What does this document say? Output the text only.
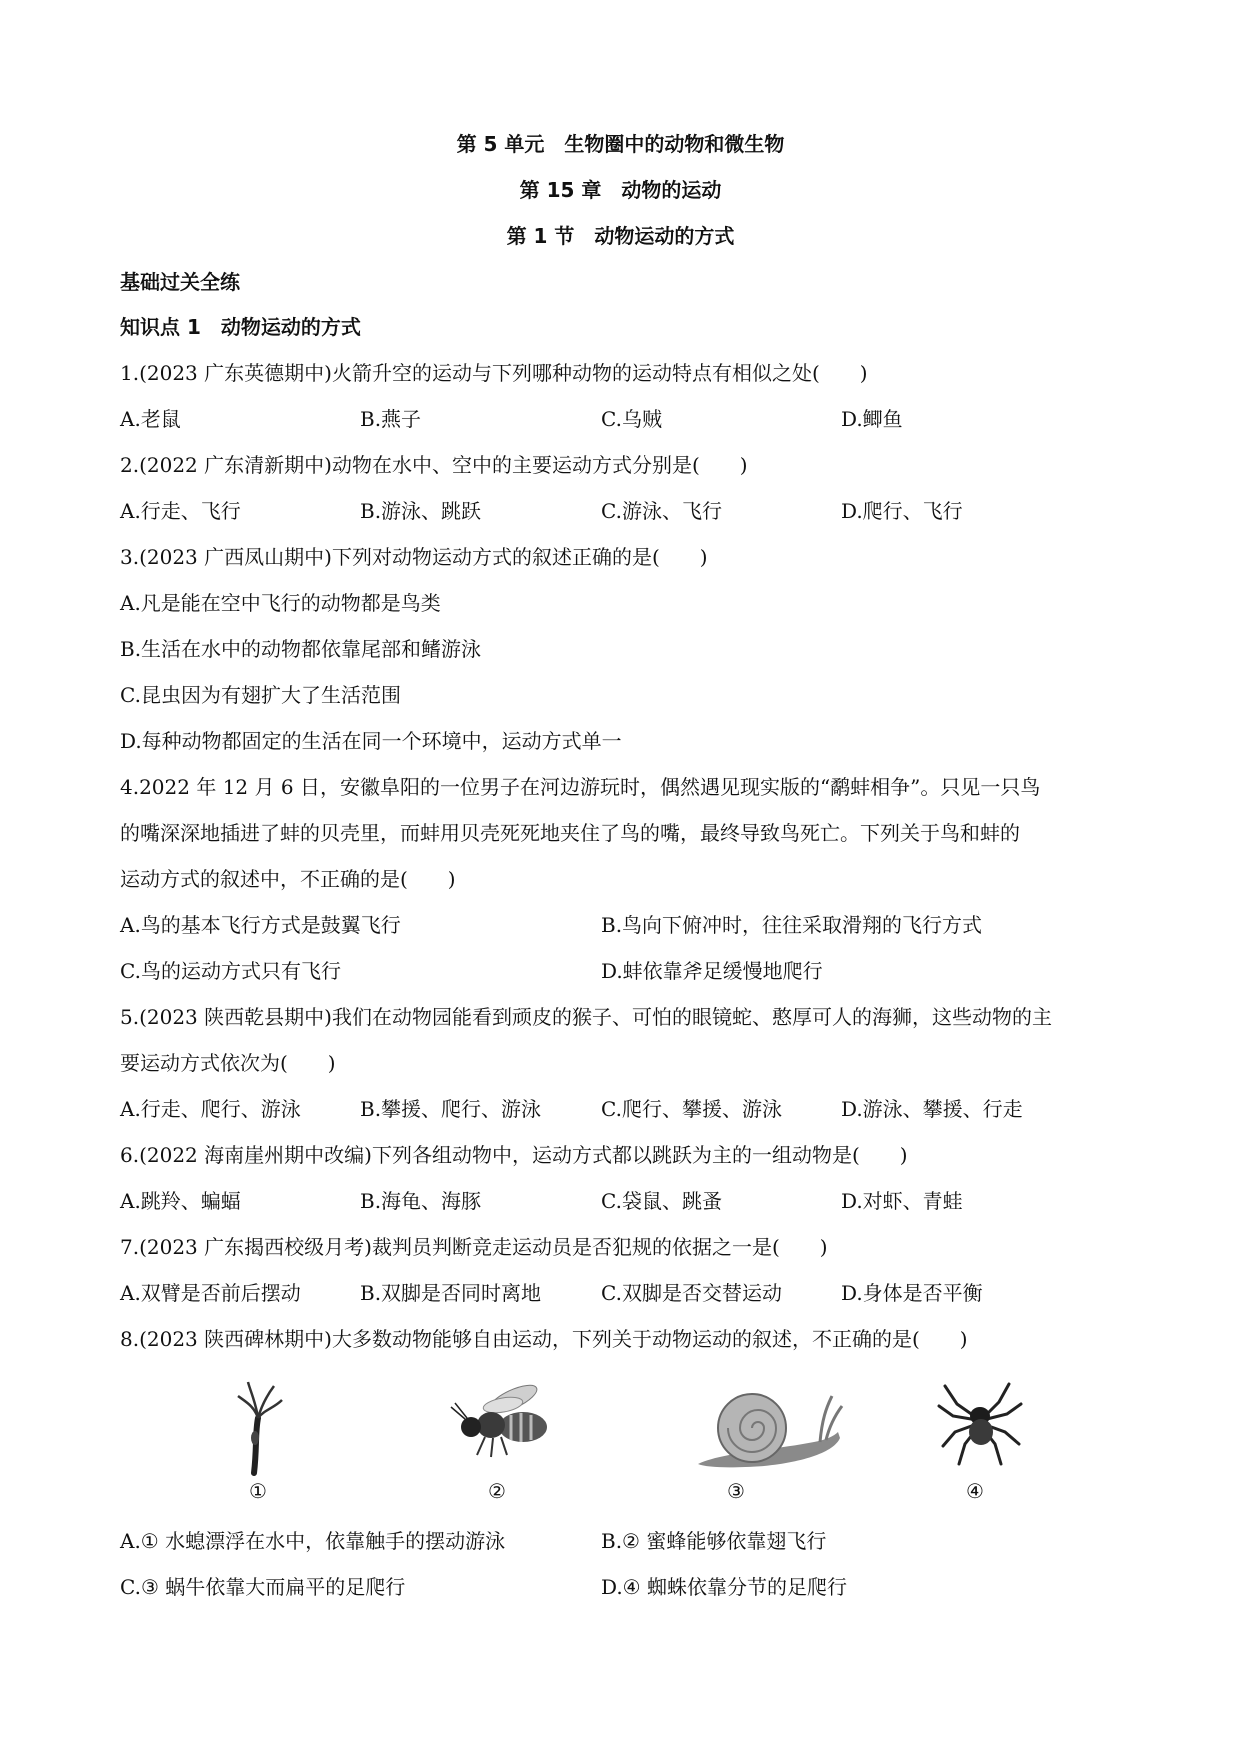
第 5 单元　生物圈中的动物和微生物
第 15 章　动物的运动
第 1 节　动物运动的方式
基础过关全练
知识点 1　动物运动的方式
1.(2023 广东英德期中)火箭升空的运动与下列哪种动物的运动特点有相似之处(　　)
A.老鼠	B.燕子	C.乌贼	D.鲫鱼
2.(2022 广东清新期中)动物在水中、空中的主要运动方式分别是(　　)
A.行走、飞行	B.游泳、跳跃	C.游泳、飞行	D.爬行、飞行
3.(2023 广西凤山期中)下列对动物运动方式的叙述正确的是(　　)
A.凡是能在空中飞行的动物都是鸟类
B.生活在水中的动物都依靠尾部和鳍游泳
C.昆虫因为有翅扩大了生活范围
D.每种动物都固定的生活在同一个环境中，运动方式单一
4.2022 年 12 月 6 日，安徽阜阳的一位男子在河边游玩时，偶然遇见现实版的“鹬蚌相争”。只见一只鸟
的嘴深深地插进了蚌的贝壳里，而蚌用贝壳死死地夹住了鸟的嘴，最终导致鸟死亡。下列关于鸟和蚌的
运动方式的叙述中，不正确的是(　　)
A.鸟的基本飞行方式是鼓翼飞行	B.鸟向下俯冲时，往往采取滑翔的飞行方式
C.鸟的运动方式只有飞行	D.蚌依靠斧足缓慢地爬行
5.(2023 陕西乾县期中)我们在动物园能看到顽皮的猴子、可怕的眼镜蛇、憨厚可人的海狮，这些动物的主
要运动方式依次为(　　)
A.行走、爬行、游泳	B.攀援、爬行、游泳	C.爬行、攀援、游泳	D.游泳、攀援、行走
6.(2022 海南崖州期中改编)下列各组动物中，运动方式都以跳跃为主的一组动物是(　　)
A.跳羚、蝙蝠	B.海龟、海豚	C.袋鼠、跳蚤	D.对虾、青蛙
7.(2023 广东揭西校级月考)裁判员判断竞走运动员是否犯规的依据之一是(　　)
A.双臂是否前后摆动	B.双脚是否同时离地	C.双脚是否交替运动	D.身体是否平衡
8.(2023 陕西碑林期中)大多数动物能够自由运动，下列关于动物运动的叙述，不正确的是(　　)
①	②	③	④
A.① 水螅漂浮在水中，依靠触手的摆动游泳	B.② 蜜蜂能够依靠翅飞行
C.③ 蜗牛依靠大而扁平的足爬行	D.④ 蜘蛛依靠分节的足爬行
